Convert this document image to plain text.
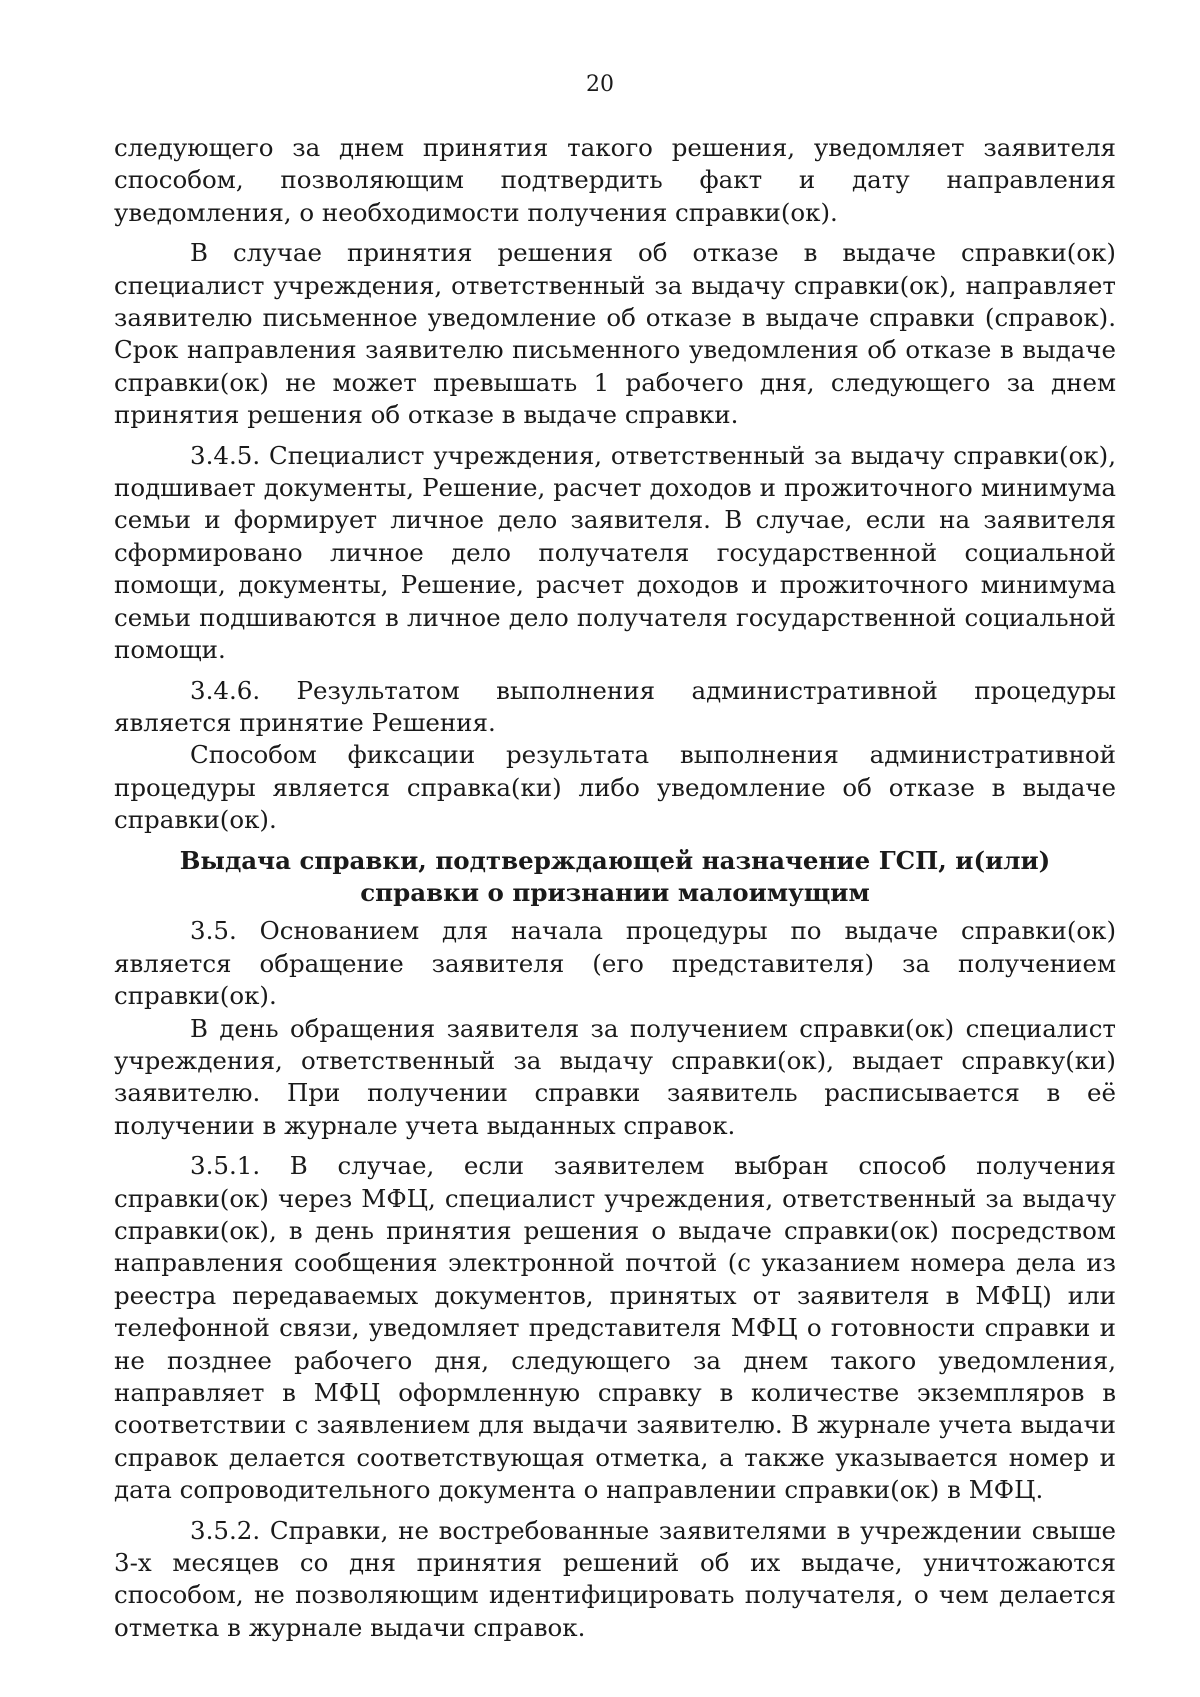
20

следующего за днем принятия такого решения, уведомляет заявителя способом, позволяющим подтвердить факт и дату направления уведомления, о необходимости получения справки(ок).

В случае принятия решения об отказе в выдаче справки(ок) специалист учреждения, ответственный за выдачу справки(ок), направляет заявителю письменное уведомление об отказе в выдаче справки (справок). Срок направления заявителю письменного уведомления об отказе в выдаче справки(ок) не может превышать 1 рабочего дня, следующего за днем принятия решения об отказе в выдаче справки.

3.4.5. Специалист учреждения, ответственный за выдачу справки(ок), подшивает документы, Решение, расчет доходов и прожиточного минимума семьи и формирует личное дело заявителя. В случае, если на заявителя сформировано личное дело получателя государственной социальной помощи, документы, Решение, расчет доходов и прожиточного минимума семьи подшиваются в личное дело получателя государственной социальной помощи.

3.4.6. Результатом выполнения административной процедуры является принятие Решения.

Способом фиксации результата выполнения административной процедуры является справка(ки) либо уведомление об отказе в выдаче справки(ок).

Выдача справки, подтверждающей назначение ГСП, и(или) справки о признании малоимущим

3.5. Основанием для начала процедуры по выдаче справки(ок) является обращение заявителя (его представителя) за получением справки(ок).

В день обращения заявителя за получением справки(ок) специалист учреждения, ответственный за выдачу справки(ок), выдает справку(ки) заявителю. При получении справки заявитель расписывается в её получении в журнале учета выданных справок.

3.5.1. В случае, если заявителем выбран способ получения справки(ок) через МФЦ, специалист учреждения, ответственный за выдачу справки(ок), в день принятия решения о выдаче справки(ок) посредством направления сообщения электронной почтой (с указанием номера дела из реестра передаваемых документов, принятых от заявителя в МФЦ) или телефонной связи, уведомляет представителя МФЦ о готовности справки и не позднее рабочего дня, следующего за днем такого уведомления, направляет в МФЦ оформленную справку в количестве экземпляров в соответствии с заявлением для выдачи заявителю. В журнале учета выдачи справок делается соответствующая отметка, а также указывается номер и дата сопроводительного документа о направлении справки(ок) в МФЦ.

3.5.2. Справки, не востребованные заявителями в учреждении свыше 3-х месяцев со дня принятия решений об их выдаче, уничтожаются способом, не позволяющим идентифицировать получателя, о чем делается отметка в журнале выдачи справок.
